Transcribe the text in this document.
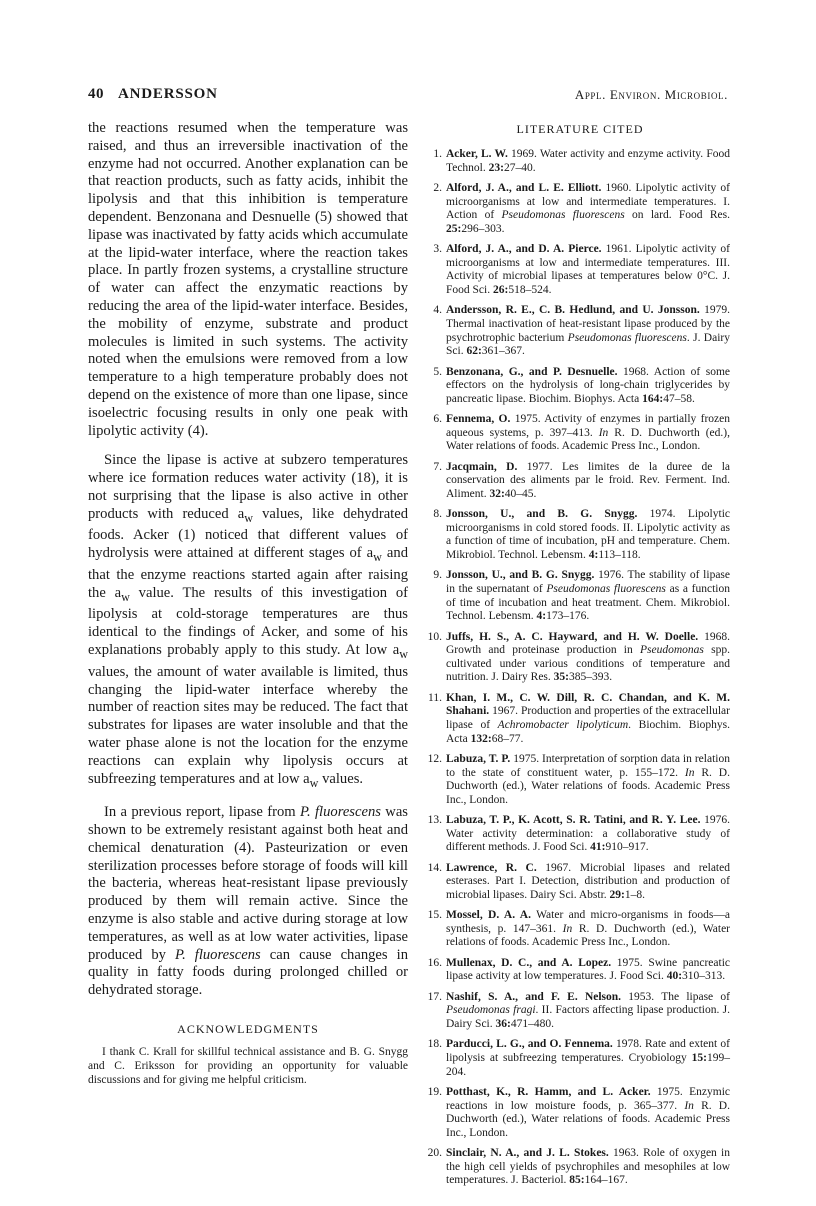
40 ANDERSSON	Appl. Environ. Microbiol.

the reactions resumed when the temperature was raised, and thus an irreversible inactivation of the enzyme had not occurred. Another explanation can be that reaction products, such as fatty acids, inhibit the lipolysis and that this inhibition is temperature dependent. Benzonana and Desnuelle (5) showed that lipase was inactivated by fatty acids which accumulate at the lipid-water interface, where the reaction takes place. In partly frozen systems, a crystalline structure of water can affect the enzymatic reactions by reducing the area of the lipid-water interface. Besides, the mobility of enzyme, substrate and product molecules is limited in such systems. The activity noted when the emulsions were removed from a low temperature to a high temperature probably does not depend on the existence of more than one lipase, since isoelectric focusing results in only one peak with lipolytic activity (4).

Since the lipase is active at subzero temperatures where ice formation reduces water activity (18), it is not surprising that the lipase is also active in other products with reduced $a_w$ values, like dehydrated foods. Acker (1) noticed that different values of hydrolysis were attained at different stages of $a_w$ and that the enzyme reactions started again after raising the $a_w$ value. The results of this investigation of lipolysis at cold-storage temperatures are thus identical to the findings of Acker, and some of his explanations probably apply to this study. At low $a_w$ values, the amount of water available is limited, thus changing the lipid-water interface whereby the number of reaction sites may be reduced. The fact that substrates for lipases are water insoluble and that the water phase alone is not the location for the enzyme reactions can explain why lipolysis occurs at subfreezing temperatures and at low $a_w$ values.

In a previous report, lipase from P. fluorescens was shown to be extremely resistant against both heat and chemical denaturation (4). Pasteurization or even sterilization processes before storage of foods will kill the bacteria, whereas heat-resistant lipase previously produced by them will remain active. Since the enzyme is also stable and active during storage at low temperatures, as well as at low water activities, lipase produced by P. fluorescens can cause changes in quality in fatty foods during prolonged chilled or dehydrated storage.

ACKNOWLEDGMENTS

I thank C. Krall for skillful technical assistance and B. G. Snygg and C. Eriksson for providing an opportunity for valuable discussions and for giving me helpful criticism.

LITERATURE CITED
1. Acker, L. W. 1969. Water activity and enzyme activity. Food Technol. 23:27–40.
2. Alford, J. A., and L. E. Elliott. 1960. Lipolytic activity of microorganisms at low and intermediate temperatures. I. Action of Pseudomonas fluorescens on lard. Food Res. 25:296–303.
3. Alford, J. A., and D. A. Pierce. 1961. Lipolytic activity of microorganisms at low and intermediate temperatures. III. Activity of microbial lipases at temperatures below 0°C. J. Food Sci. 26:518–524.
4. Andersson, R. E., C. B. Hedlund, and U. Jonsson. 1979. Thermal inactivation of heat-resistant lipase produced by the psychrotrophic bacterium Pseudomonas fluorescens. J. Dairy Sci. 62:361–367.
5. Benzonana, G., and P. Desnuelle. 1968. Action of some effectors on the hydrolysis of long-chain triglycerides by pancreatic lipase. Biochim. Biophys. Acta 164:47–58.
6. Fennema, O. 1975. Activity of enzymes in partially frozen aqueous systems, p. 397–413. In R. D. Duchworth (ed.), Water relations of foods. Academic Press Inc., London.
7. Jacqmain, D. 1977. Les limites de la duree de la conservation des aliments par le froid. Rev. Ferment. Ind. Aliment. 32:40–45.
8. Jonsson, U., and B. G. Snygg. 1974. Lipolytic microorganisms in cold stored foods. II. Lipolytic activity as a function of time of incubation, pH and temperature. Chem. Mikrobiol. Technol. Lebensm. 4:113–118.
9. Jonsson, U., and B. G. Snygg. 1976. The stability of lipase in the supernatant of Pseudomonas fluorescens as a function of time of incubation and heat treatment. Chem. Mikrobiol. Technol. Lebensm. 4:173–176.
10. Juffs, H. S., A. C. Hayward, and H. W. Doelle. 1968. Growth and proteinase production in Pseudomonas spp. cultivated under various conditions of temperature and nutrition. J. Dairy Res. 35:385–393.
11. Khan, I. M., C. W. Dill, R. C. Chandan, and K. M. Shahani. 1967. Production and properties of the extracellular lipase of Achromobacter lipolyticum. Biochim. Biophys. Acta 132:68–77.
12. Labuza, T. P. 1975. Interpretation of sorption data in relation to the state of constituent water, p. 155–172. In R. D. Duchworth (ed.), Water relations of foods. Academic Press Inc., London.
13. Labuza, T. P., K. Acott, S. R. Tatini, and R. Y. Lee. 1976. Water activity determination: a collaborative study of different methods. J. Food Sci. 41:910–917.
14. Lawrence, R. C. 1967. Microbial lipases and related esterases. Part I. Detection, distribution and production of microbial lipases. Dairy Sci. Abstr. 29:1–8.
15. Mossel, D. A. A. Water and micro-organisms in foods—a synthesis, p. 147–361. In R. D. Duchworth (ed.), Water relations of foods. Academic Press Inc., London.
16. Mullenax, D. C., and A. Lopez. 1975. Swine pancreatic lipase activity at low temperatures. J. Food Sci. 40:310–313.
17. Nashif, S. A., and F. E. Nelson. 1953. The lipase of Pseudomonas fragi. II. Factors affecting lipase production. J. Dairy Sci. 36:471–480.
18. Parducci, L. G., and O. Fennema. 1978. Rate and extent of lipolysis at subfreezing temperatures. Cryobiology 15:199–204.
19. Potthast, K., R. Hamm, and L. Acker. 1975. Enzymic reactions in low moisture foods, p. 365–377. In R. D. Duchworth (ed.), Water relations of foods. Academic Press Inc., London.
20. Sinclair, N. A., and J. L. Stokes. 1963. Role of oxygen in the high cell yields of psychrophiles and mesophiles at low temperatures. J. Bacteriol. 85:164–167.
